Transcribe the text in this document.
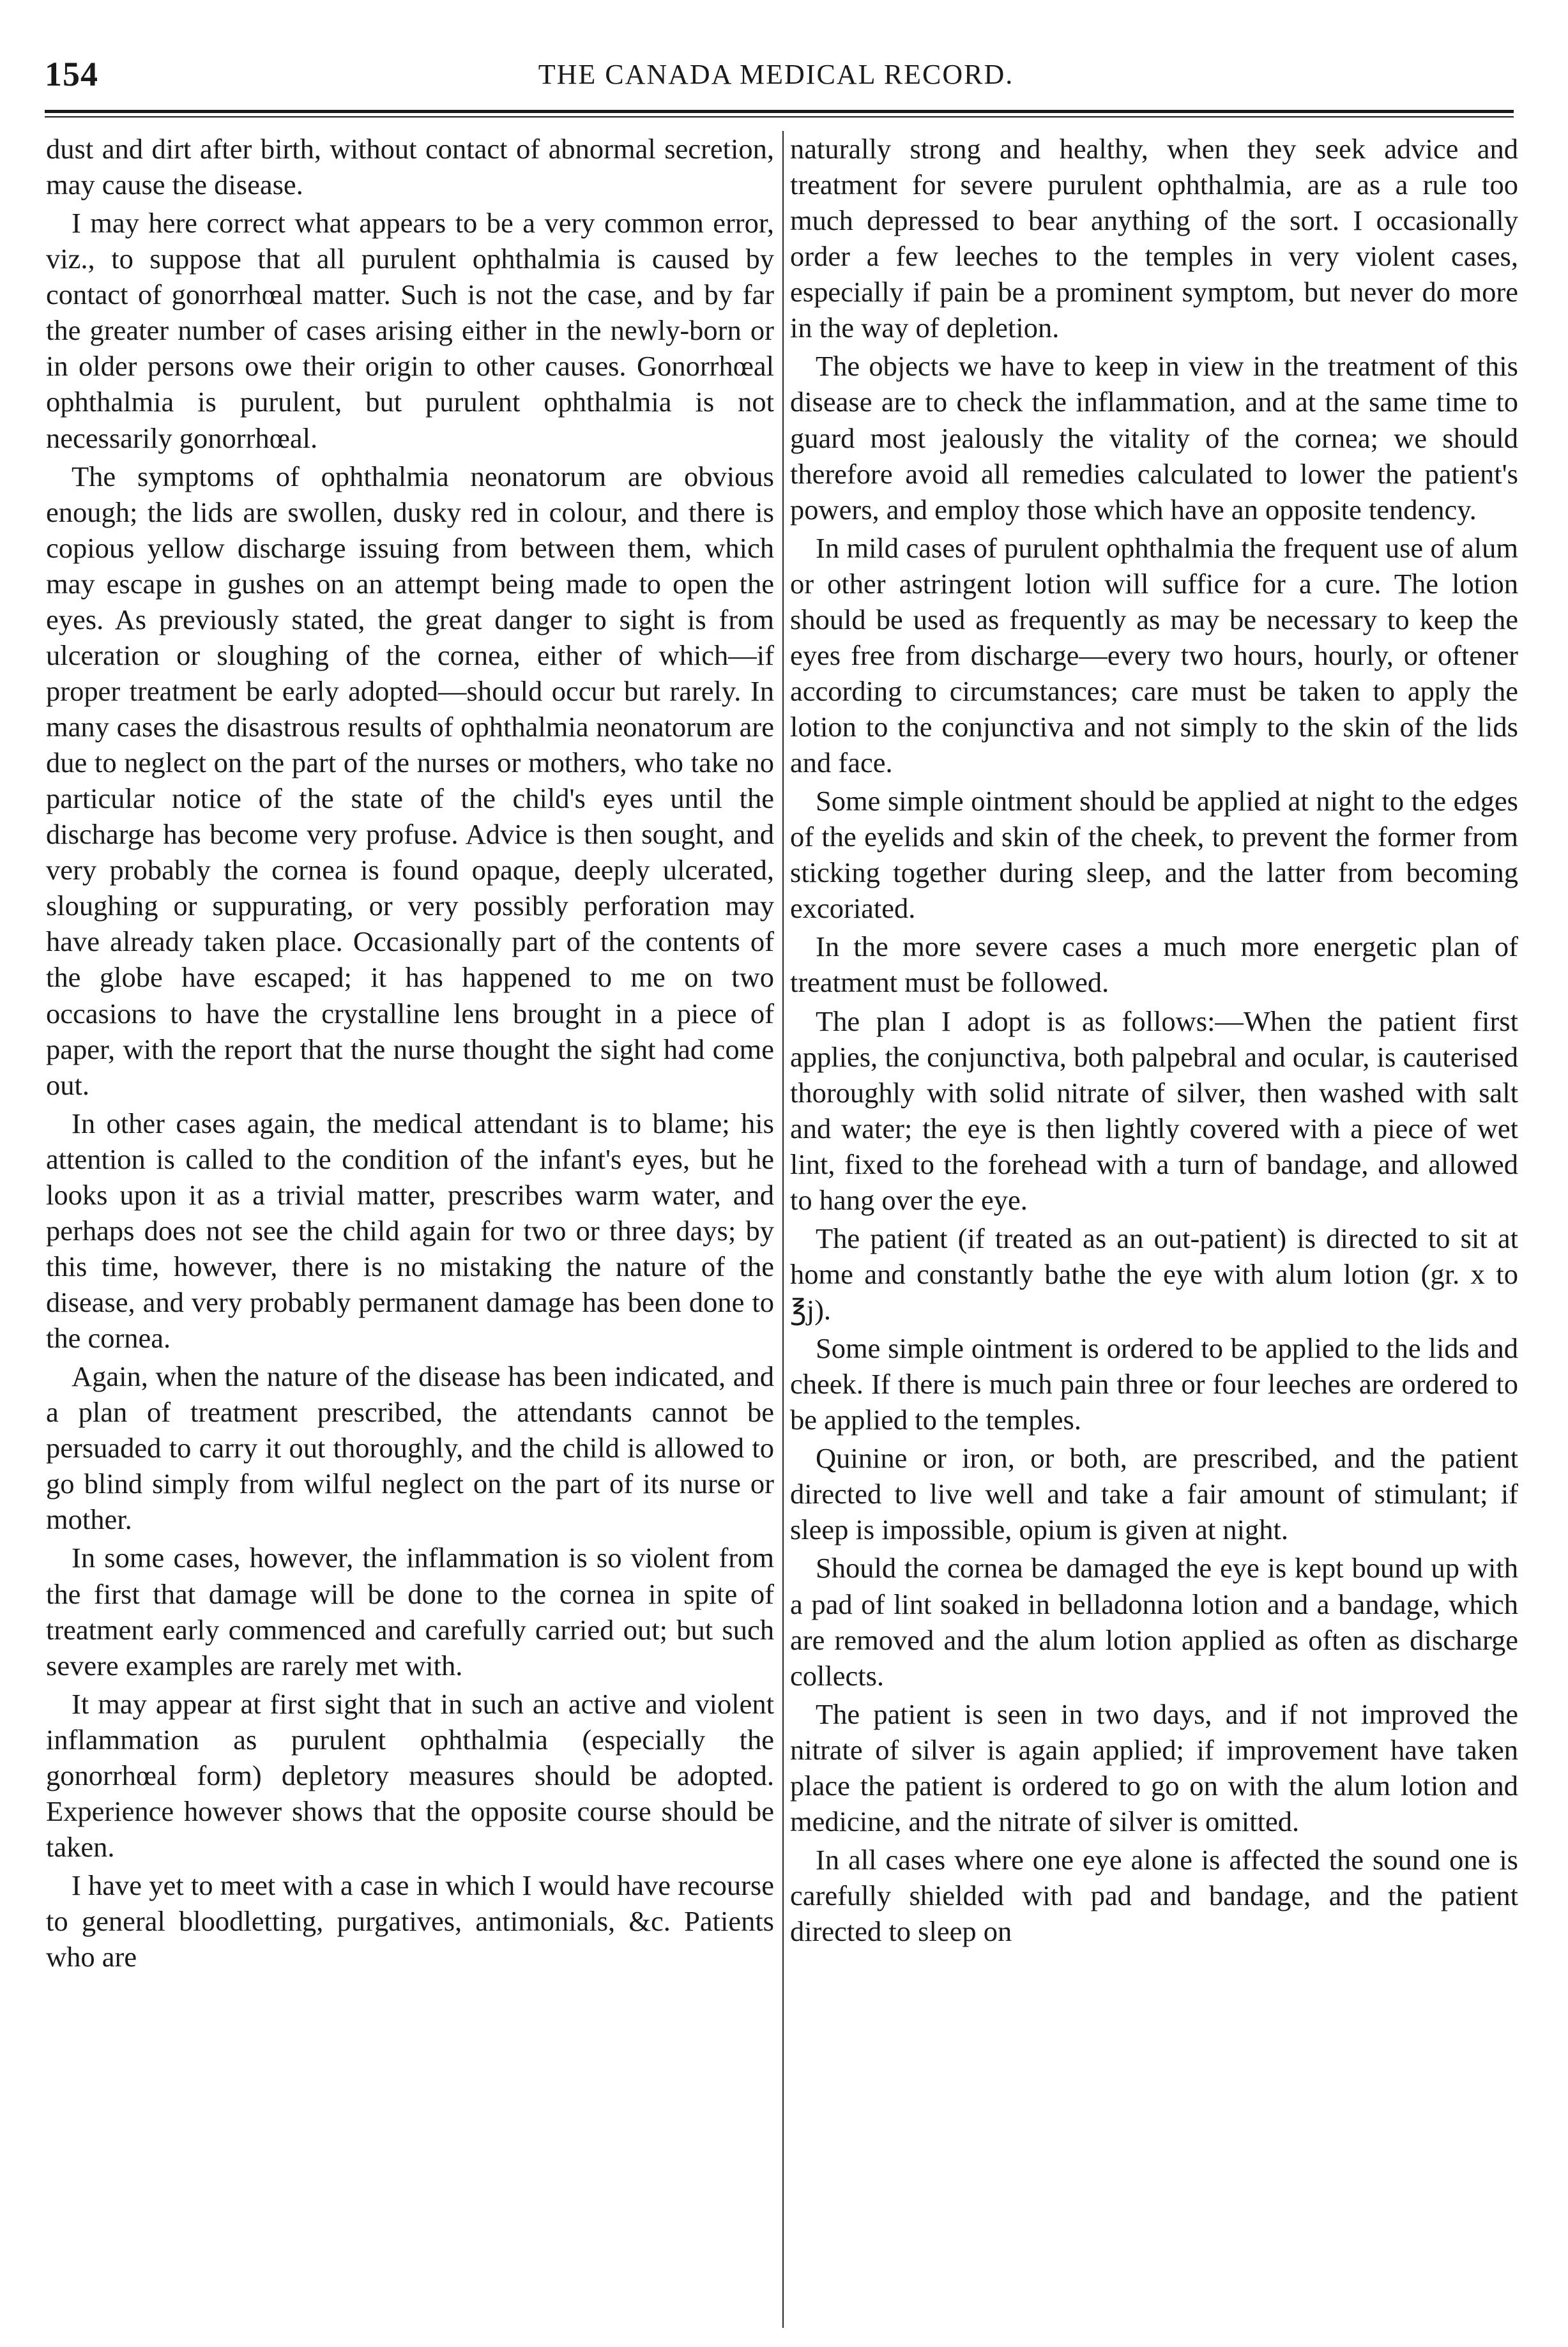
154	THE CANADA MEDICAL RECORD.

dust and dirt after birth, without contact of abnormal secretion, may cause the disease.

I may here correct what appears to be a very common error, viz., to suppose that all purulent ophthalmia is caused by contact of gonorrhœal matter. Such is not the case, and by far the greater number of cases arising either in the newly-born or in older persons owe their origin to other causes. Gonorrhœal ophthalmia is purulent, but purulent ophthalmia is not necessarily gonorrhœal.

The symptoms of ophthalmia neonatorum are obvious enough; the lids are swollen, dusky red in colour, and there is copious yellow discharge issuing from between them, which may escape in gushes on an attempt being made to open the eyes. As previously stated, the great danger to sight is from ulceration or sloughing of the cornea, either of which—if proper treatment be early adopted—should occur but rarely. In many cases the disastrous results of ophthalmia neonatorum are due to neglect on the part of the nurses or mothers, who take no particular notice of the state of the child's eyes until the discharge has become very profuse. Advice is then sought, and very probably the cornea is found opaque, deeply ulcerated, sloughing or suppurating, or very possibly perforation may have already taken place. Occasionally part of the contents of the globe have escaped; it has happened to me on two occasions to have the crystalline lens brought in a piece of paper, with the report that the nurse thought the sight had come out.

In other cases again, the medical attendant is to blame; his attention is called to the condition of the infant's eyes, but he looks upon it as a trivial matter, prescribes warm water, and perhaps does not see the child again for two or three days; by this time, however, there is no mistaking the nature of the disease, and very probably permanent damage has been done to the cornea.

Again, when the nature of the disease has been indicated, and a plan of treatment prescribed, the attendants cannot be persuaded to carry it out thoroughly, and the child is allowed to go blind simply from wilful neglect on the part of its nurse or mother.

In some cases, however, the inflammation is so violent from the first that damage will be done to the cornea in spite of treatment early commenced and carefully carried out; but such severe examples are rarely met with.

It may appear at first sight that in such an active and violent inflammation as purulent ophthalmia (especially the gonorrhœal form) depletory measures should be adopted. Experience however shows that the opposite course should be taken.

I have yet to meet with a case in which I would have recourse to general bloodletting, purgatives, antimonials, &c. Patients who are

naturally strong and healthy, when they seek advice and treatment for severe purulent ophthalmia, are as a rule too much depressed to bear anything of the sort. I occasionally order a few leeches to the temples in very violent cases, especially if pain be a prominent symptom, but never do more in the way of depletion.

The objects we have to keep in view in the treatment of this disease are to check the inflammation, and at the same time to guard most jealously the vitality of the cornea; we should therefore avoid all remedies calculated to lower the patient's powers, and employ those which have an opposite tendency.

In mild cases of purulent ophthalmia the frequent use of alum or other astringent lotion will suffice for a cure. The lotion should be used as frequently as may be necessary to keep the eyes free from discharge—every two hours, hourly, or oftener according to circumstances; care must be taken to apply the lotion to the conjunctiva and not simply to the skin of the lids and face.

Some simple ointment should be applied at night to the edges of the eyelids and skin of the cheek, to prevent the former from sticking together during sleep, and the latter from becoming excoriated.

In the more severe cases a much more energetic plan of treatment must be followed.

The plan I adopt is as follows:—When the patient first applies, the conjunctiva, both palpebral and ocular, is cauterised thoroughly with solid nitrate of silver, then washed with salt and water; the eye is then lightly covered with a piece of wet lint, fixed to the forehead with a turn of bandage, and allowed to hang over the eye.

The patient (if treated as an out-patient) is directed to sit at home and constantly bathe the eye with alum lotion (gr. x to ℥j).

Some simple ointment is ordered to be applied to the lids and cheek. If there is much pain three or four leeches are ordered to be applied to the temples.

Quinine or iron, or both, are prescribed, and the patient directed to live well and take a fair amount of stimulant; if sleep is impossible, opium is given at night.

Should the cornea be damaged the eye is kept bound up with a pad of lint soaked in belladonna lotion and a bandage, which are removed and the alum lotion applied as often as discharge collects.

The patient is seen in two days, and if not improved the nitrate of silver is again applied; if improvement have taken place the patient is ordered to go on with the alum lotion and medicine, and the nitrate of silver is omitted.

In all cases where one eye alone is affected the sound one is carefully shielded with pad and bandage, and the patient directed to sleep on
